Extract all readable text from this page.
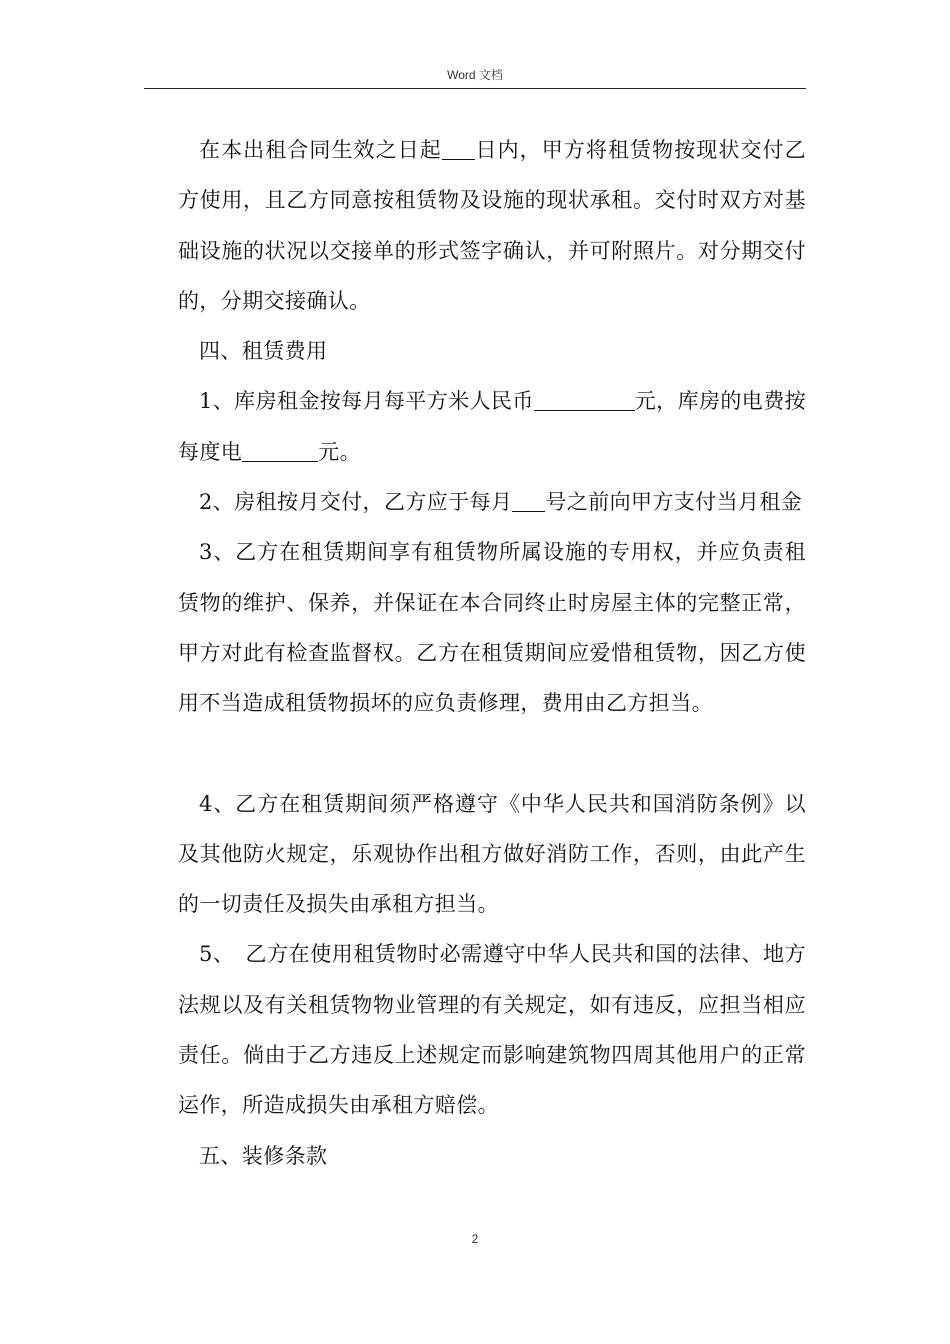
Word 文档

在本出租合同生效之日起 日内，甲方将租赁物按现状交付乙方使用，且乙方同意按租赁物及设施的现状承租。交付时双方对基础设施的状况以交接单的形式签字确认，并可附照片。对分期交付的，分期交接确认。

四、租赁费用

1、库房租金按每月每平方米人民币	元，库房的电费按每度电	元。

2、房租按月交付，乙方应于每月 号之前向甲方支付当月租金

3、乙方在租赁期间享有租赁物所属设施的专用权，并应负责租赁物的维护、保养，并保证在本合同终止时房屋主体的完整正常，甲方对此有检查监督权。乙方在租赁期间应爱惜租赁物，因乙方使用不当造成租赁物损坏的应负责修理，费用由乙方担当。

4、乙方在租赁期间须严格遵守《中华人民共和国消防条例》以及其他防火规定，乐观协作出租方做好消防工作，否则，由此产生的一切责任及损失由承租方担当。

5、　乙方在使用租赁物时必需遵守中华人民共和国的法律、地方法规以及有关租赁物物业管理的有关规定，如有违反，应担当相应责任。倘由于乙方违反上述规定而影响建筑物四周其他用户的正常运作，所造成损失由承租方赔偿。

五、装修条款

2
